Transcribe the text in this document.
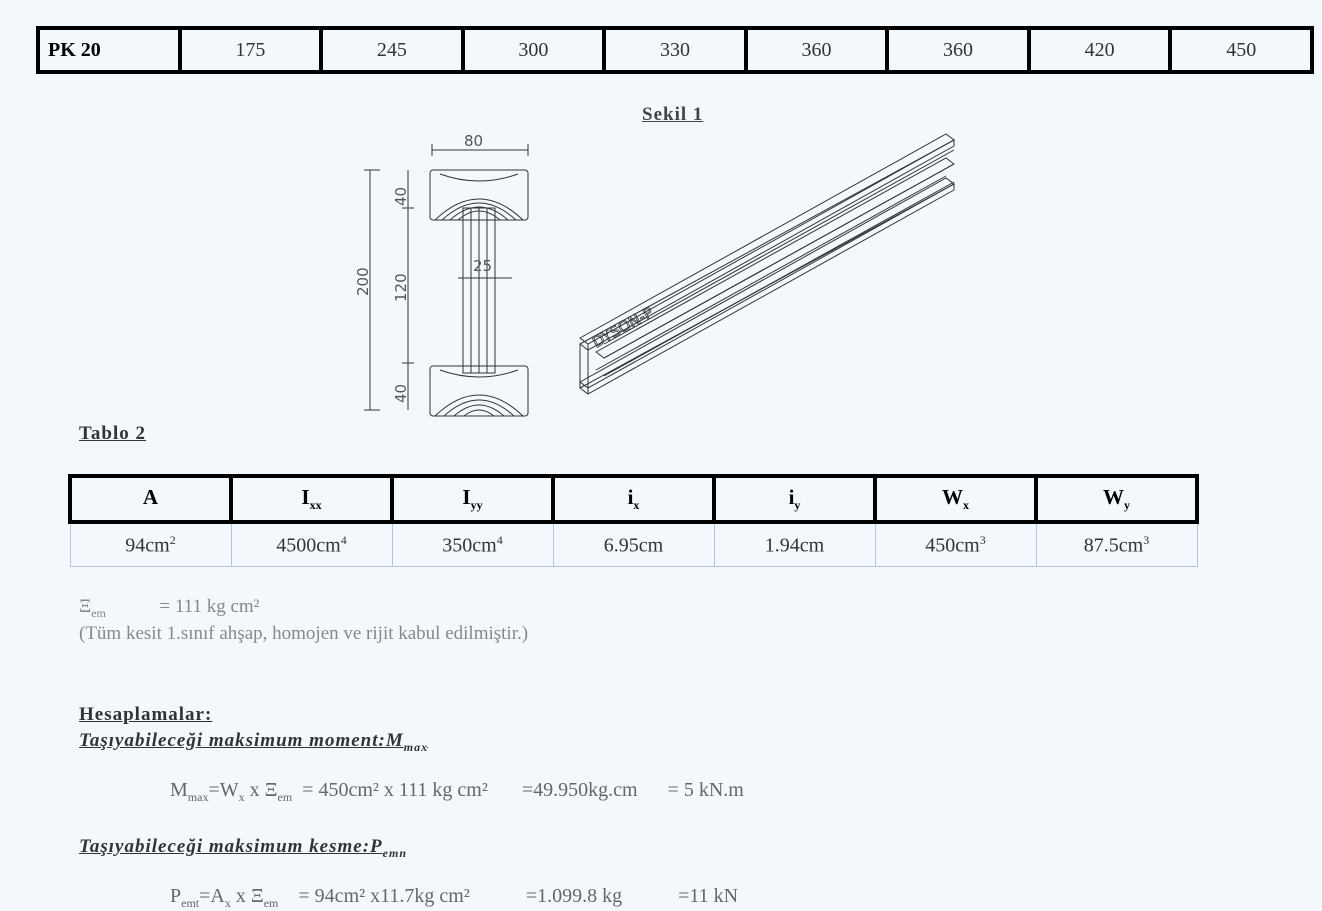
PK 20	175	245	300	330	360	360	420	450
Sekil 1
80
25
200
40
120
40
DYSON-P
Tablo 2
A	$I_{xx}$	$I_{yy}$	$i_x$	$i_y$	$W_x$	$W_y$
$94cm^2$	$4500cm^4$	$350cm^4$	6.95cm	1.94cm	$450cm^3$	$87.5cm^3$
$\Xi_{em}$	= 111 kg cm²
(Tüm kesit 1.sınıf ahşap, homojen ve rijit kabul edilmiştir.)
Hesaplamalar:
Taşıyabileceği maksimum $moment:M_{max}$

$M_{max}=W_x$ x $\Xi_{em} = 450cm^2$ x 111 kg cm² =49.950kg.cm = 5 kN.m

Taşıyabileceği maksimum $kesme:P_{emn}$

$P_{emt}=A_x$ x $\Xi_{em}$    = 94cm² x11.7kg cm²	=1.099.8 kg	=11 kN
